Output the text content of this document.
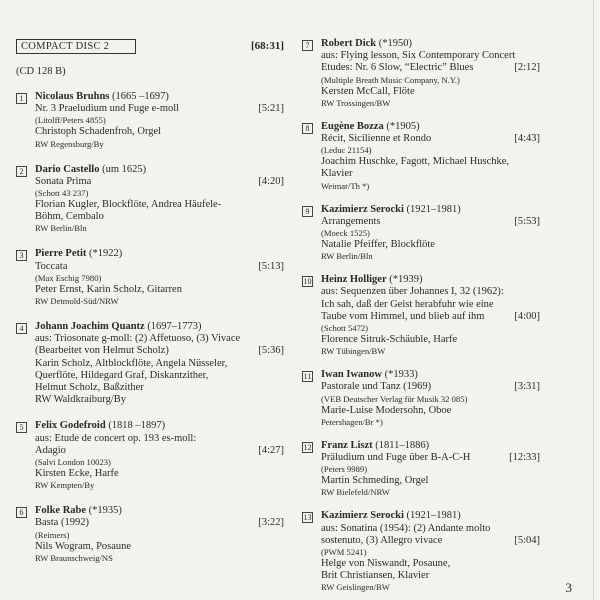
COMPACT DISC 2	[68:31]
(CD 128 B)
1	Nicolaus Bruhns (1665 –1697)
Nr. 3 Praeludium und Fuge e-moll	[5:21]
(Litolff/Peters 4855)
Christoph Schadenfroh, Orgel
RW Regensburg/By
2	Dario Castello (um 1625)
Sonata Prima	[4:20]
(Schott 43 237)
Florian Kugler, Blockflöte, Andrea Häufele-
Böhm, Cembalo
RW Berlin/Bln
3	Pierre Petit (*1922)
Toccata	[5:13]
(Max Eschig 7980)
Peter Ernst, Karin Scholz, Gitarren
RW Detmold-Süd/NRW
4	Johann Joachim Quantz (1697–1773)
aus: Triosonate g-moll: (2) Affetuoso, (3) Vivace
(Bearbeitet von Helmut Scholz)	[5:36]
Karin Scholz, Altblockflöte, Angela Nüsseler,
Querflöte, Hildegard Graf, Diskantzither,
Helmut Scholz, Baßzither
RW Waldkraiburg/By
5	Felix Godefroid (1818 –1897)
aus: Etude de concert op. 193 es-moll:
Adagio	[4:27]
(Salvi London 10023)
Kirsten Ecke, Harfe
RW Kempten/By
6	Folke Rabe (*1935)
Basta (1992)	[3:22]
(Reimers)
Nils Wogram, Posaune
RW Braunschweig/NS
7	Robert Dick (*1950)
aus: Flying lesson, Six Contemporary Concert
Etudes: Nr. 6 Slow, “Electric” Blues	[2:12]
(Multiple Breath Music Company, N.Y.)
Kersten McCall, Flöte
RW Trossingen/BW
8	Eugène Bozza (*1905)
Récit, Sicilienne et Rondo	[4:43]
(Leduc 21154)
Joachim Huschke, Fagott, Michael Huschke,
Klavier
Weimar/Th *)
9	Kazimierz Serocki (1921–1981)
Arrangements	[5:53]
(Moeck 1525)
Natalie Pfeiffer, Blockflöte
RW Berlin/Bln
10 Heinz Holliger (*1939)
aus: Sequenzen über Johannes I, 32 (1962):
Ich sah, daß der Geist herabfuhr wie eine
Taube vom Himmel, und blieb auf ihm	[4:00]
(Schott 5472)
Florence Sitruk-Schäuble, Harfe
RW Tübingen/BW
11 Iwan Iwanow (*1933)
Pastorale und Tanz (1969)	[3:31]
(VEB Deutscher Verlag für Musik 32 085)
Marie-Luise Modersohn, Oboe
Petershagen/Br *)
12 Franz Liszt (1811–1886)
Präludium und Fuge über B-A-C-H	[12:33]
(Peters 9989)
Martin Schmeding, Orgel
RW Bielefeld/NRW
13 Kazimierz Serocki (1921–1981)
aus: Sonatina (1954): (2) Andante molto
sostenuto, (3) Allegro vivace	[5:04]
(PWM 5241)
Helge von Niswandt, Posaune,
Brit Christiansen, Klavier
RW Geislingen/BW	3
